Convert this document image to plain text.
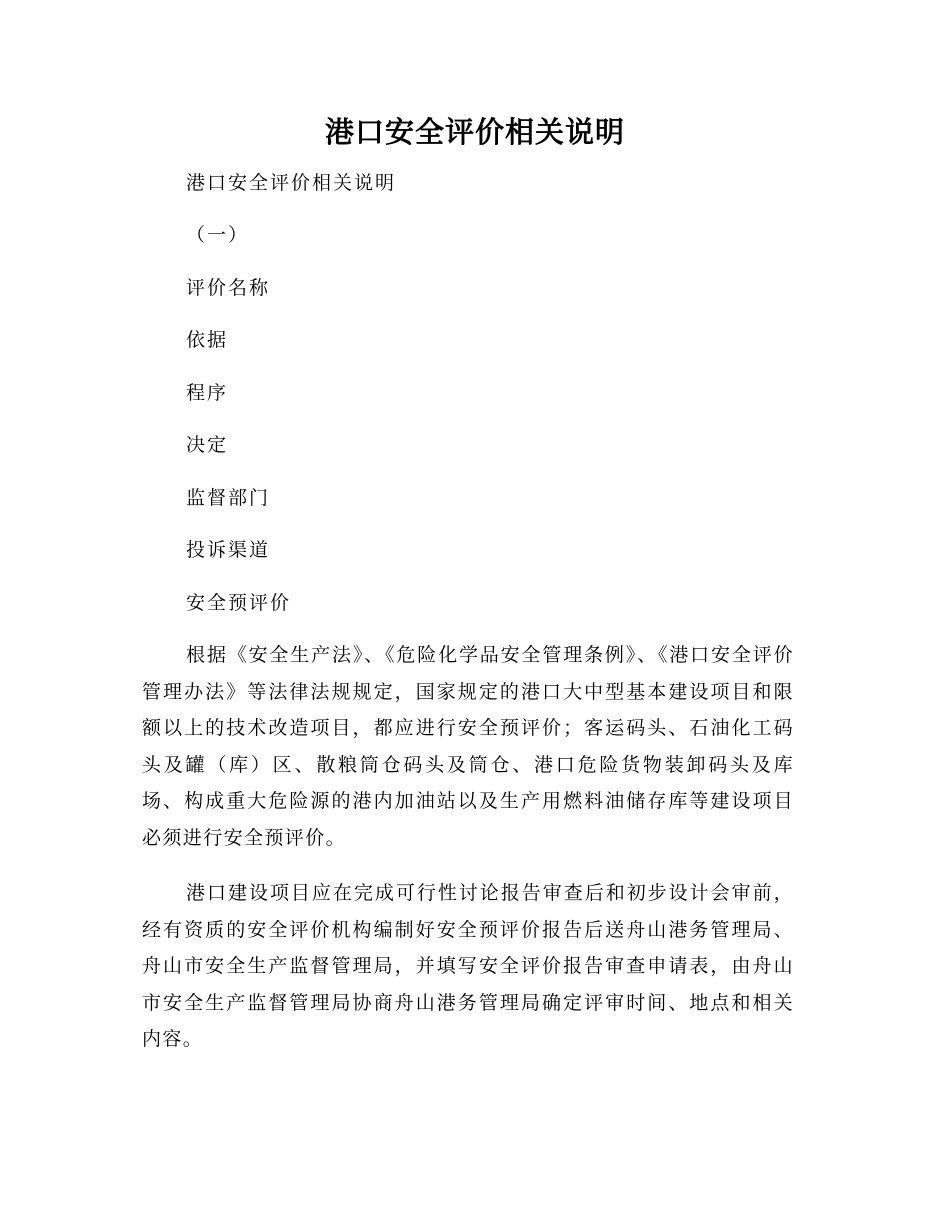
港口安全评价相关说明

港口安全评价相关说明

（一）

评价名称

依据

程序

决定

监督部门

投诉渠道

安全预评价

根据《安全生产法》、《危险化学品安全管理条例》、《港口安全评价管理办法》等法律法规规定，国家规定的港口大中型基本建设项目和限额以上的技术改造项目，都应进行安全预评价；客运码头、石油化工码头及罐（库）区、散粮筒仓码头及筒仓、港口危险货物装卸码头及库场、构成重大危险源的港内加油站以及生产用燃料油储存库等建设项目必须进行安全预评价。

港口建设项目应在完成可行性讨论报告审查后和初步设计会审前，经有资质的安全评价机构编制好安全预评价报告后送舟山港务管理局、舟山市安全生产监督管理局，并填写安全评价报告审查申请表，由舟山市安全生产监督管理局协商舟山港务管理局确定评审时间、地点和相关内容。
